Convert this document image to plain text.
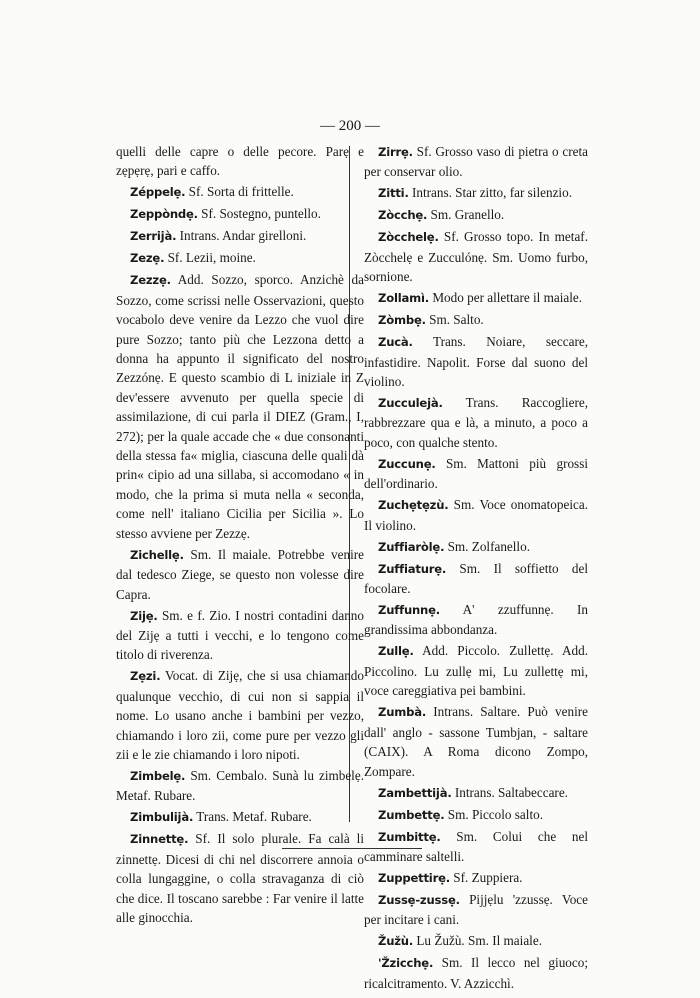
— 200 —

quelli delle capre o delle pecore. Parẹ e zẹpẹrẹ, pari e caffo.

Zéppelẹ. Sf. Sorta di frittelle.

Zeppòndẹ. Sf. Sostegno, puntello.

Zerrijà. Intrans. Andar girelloni.

Zezẹ. Sf. Lezii, moine.

Zezzẹ. Add. Sozzo, sporco. Anzichè da Sozzo, come scrissi nelle Osservazioni, questo vocabolo deve venire da Lezzo che vuol dire pure Sozzo; tanto più che Lezzona detto a donna ha appunto il significato del nostro Zezzónẹ. E questo scambio di L iniziale in Z dev'essere avvenuto per quella specie di assimilazione, di cui parla il DIEZ (Gram., I, 272); per la quale accade che « due consonanti della stessa fa« miglia, ciascuna delle quali dà prin« cipio ad una sillaba, si accomodano « in modo, che la prima si muta nella « seconda, come nell' italiano Cicilia per Sicilia ». Lo stesso avviene per Zezzẹ.

Zichellẹ. Sm. Il maiale. Potrebbe venire dal tedesco Ziege, se questo non volesse dire Capra.

Zijẹ. Sm. e f. Zio. I nostri contadini danno del Zijẹ a tutti i vecchi, e lo tengono come titolo di riverenza.

Zẹzi. Vocat. di Zijẹ, che si usa chiamando qualunque vecchio, di cui non si sappia il nome. Lo usano anche i bambini per vezzo, chiamando i loro zii, come pure per vezzo gli zii e le zie chiamando i loro nipoti.

Zimbelẹ. Sm. Cembalo. Sunà lu zimbelẹ. Metaf. Rubare.

Zimbulijà. Trans. Metaf. Rubare.

Zinnettẹ. Sf. Il solo plurale. Fa calà li zinnettẹ. Dicesi di chi nel discorrere annoia o colla lungaggine, o colla stravaganza di ciò che dice. Il toscano sarebbe : Far venire il latte alle ginocchia.

Zirrẹ. Sf. Grosso vaso di pietra o creta per conservar olio.

Zitti. Intrans. Star zitto, far silenzio.

Zòcchẹ. Sm. Granello.

Zòcchelẹ. Sf. Grosso topo. In metaf. Zòcchelẹ e Zucculónẹ. Sm. Uomo furbo, sornione.

Zollamì. Modo per allettare il maiale.

Zòmbẹ. Sm. Salto.

Zucà. Trans. Noiare, seccare, infastidire. Napolit. Forse dal suono del violino.

Zucculejà. Trans. Raccogliere, rabbrezzare qua e là, a minuto, a poco a poco, con qualche stento.

Zuccunẹ. Sm. Mattoni più grossi dell'ordinario.

Zuchẹtẹzù. Sm. Voce onomatopeica. Il violino.

Zuffiaròlẹ. Sm. Zolfanello.

Zuffiaturẹ. Sm. Il soffietto del focolare.

Zuffunnẹ. A' zzuffunnẹ. In grandissima abbondanza.

Zullẹ. Add. Piccolo. Zullettẹ. Add. Piccolino. Lu zullẹ mi, Lu zullettẹ mi, voce careggiativa pei bambini.

Zumbà. Intrans. Saltare. Può venire dall' anglo - sassone Tumbjan, - saltare (CAIX). A Roma dicono Zompo, Zompare.

Zambettijà. Intrans. Saltabeccare.

Zumbettẹ. Sm. Piccolo salto.

Zumbittẹ. Sm. Colui che nel camminare saltelli.

Zuppettirẹ. Sf. Zuppiera.

Zussẹ-zussẹ. Pijjẹlu 'zzussẹ. Voce per incitare i cani.

Žužù. Lu Žužù. Sm. Il maiale.

'Žzicchẹ. Sm. Il lecco nel giuoco; ricalcitramento. V. Azzicchì.
